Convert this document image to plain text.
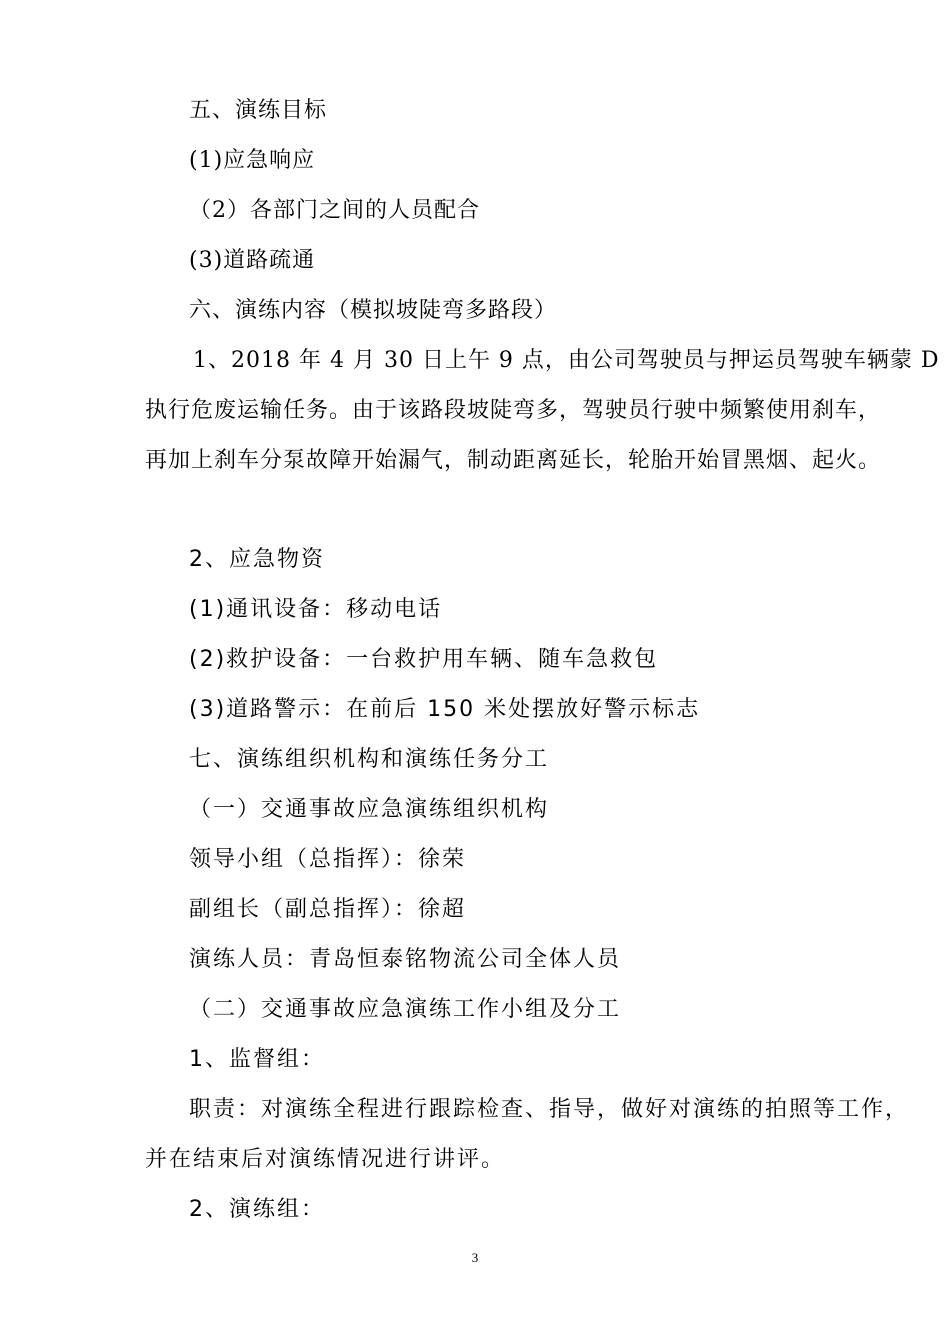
五、演练目标
(1)应急响应
（2）各部门之间的人员配合
(3)道路疏通
六、演练内容（模拟坡陡弯多路段）
1、2018 年 4 月 30 日上午 9 点，由公司驾驶员与押运员驾驶车辆蒙 D
执行危废运输任务。由于该路段坡陡弯多，驾驶员行驶中频繁使用刹车，
再加上刹车分泵故障开始漏气，制动距离延长，轮胎开始冒黑烟、起火。
2、应急物资
(1)通讯设备：移动电话
(2)救护设备：一台救护用车辆、随车急救包
(3)道路警示：在前后 150 米处摆放好警示标志
七、演练组织机构和演练任务分工
（一）交通事故应急演练组织机构
领导小组（总指挥）：徐荣
副组长（副总指挥）：徐超
演练人员：青岛恒泰铭物流公司全体人员
（二）交通事故应急演练工作小组及分工
1、监督组：
职责：对演练全程进行跟踪检查、指导，做好对演练的拍照等工作，
并在结束后对演练情况进行讲评。
2、演练组：
3
